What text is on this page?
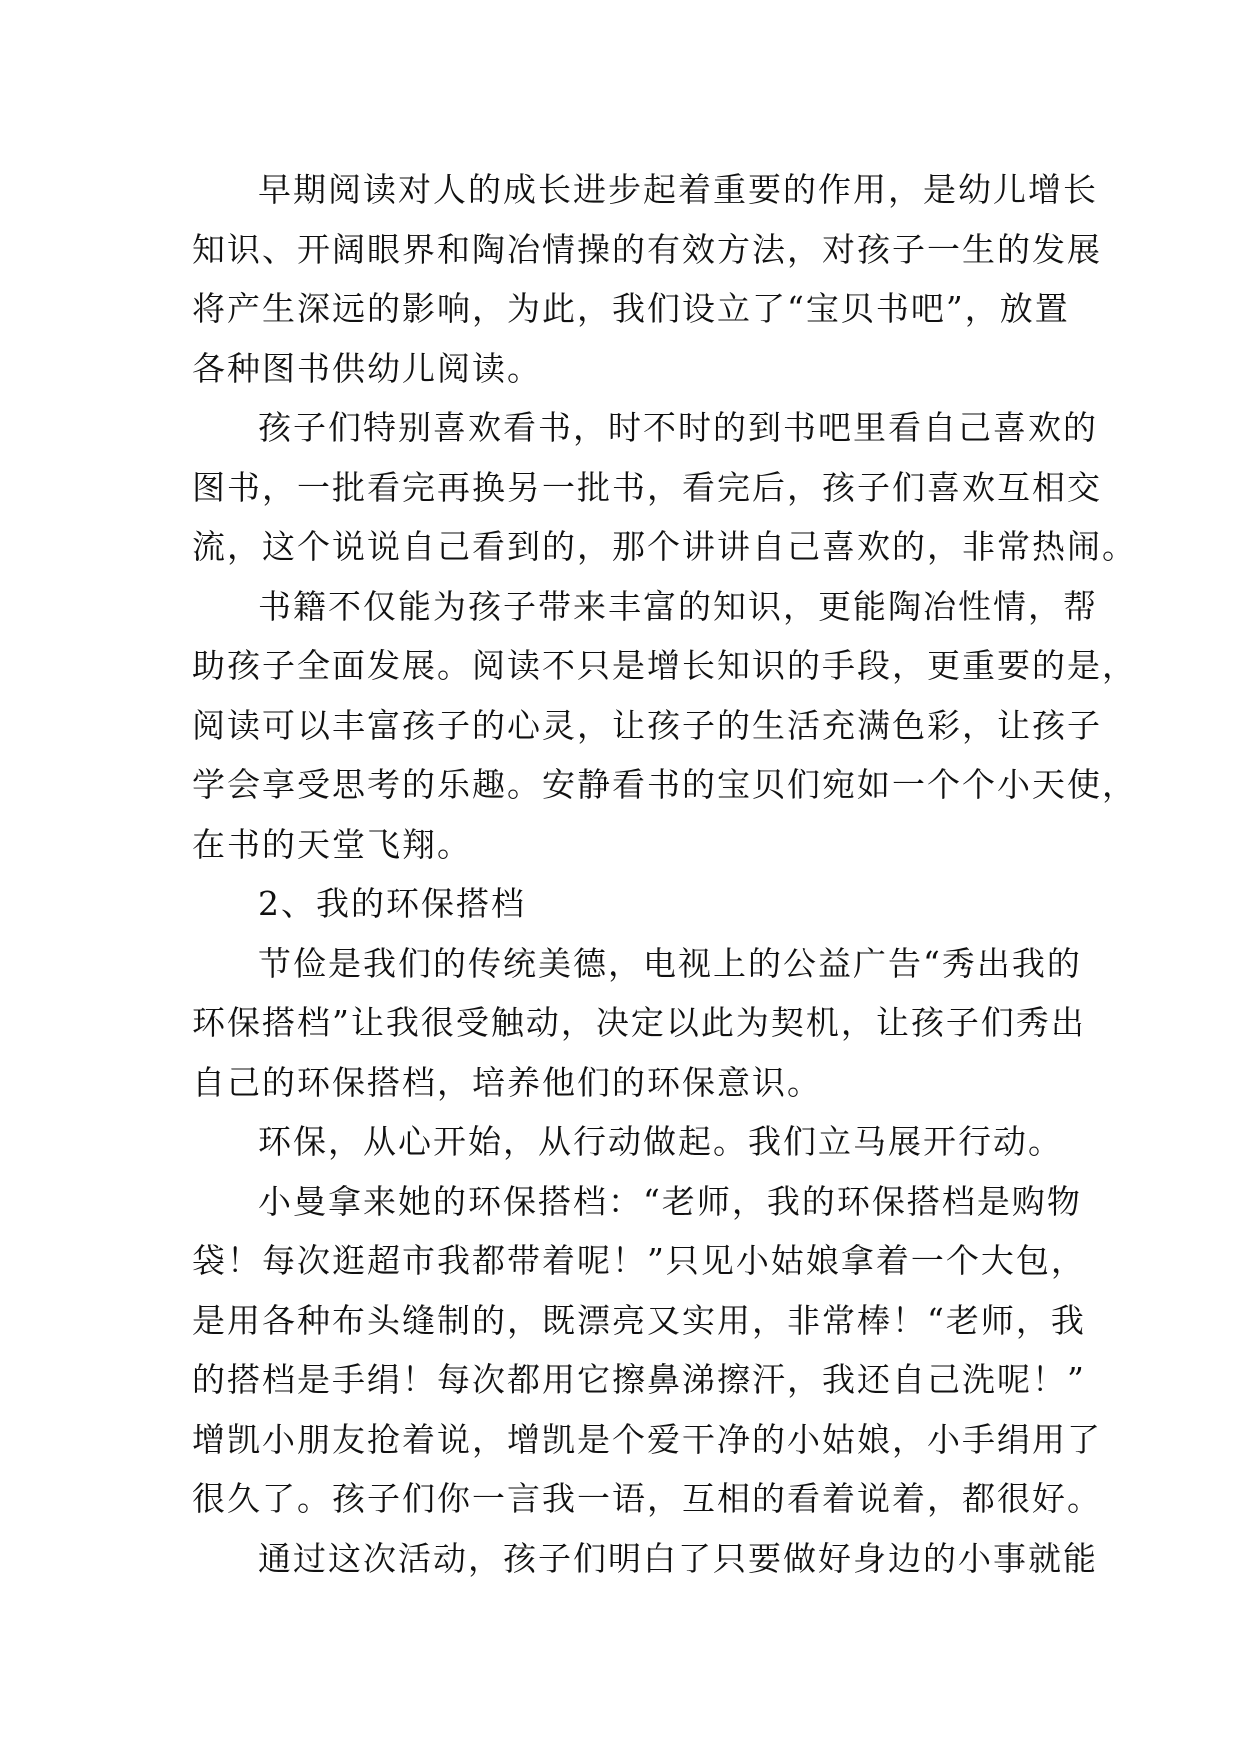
早期阅读对人的成长进步起着重要的作用，是幼儿增长
知识、开阔眼界和陶冶情操的有效方法，对孩子一生的发展
将产生深远的影响，为此，我们设立了“宝贝书吧”，放置
各种图书供幼儿阅读。
孩子们特别喜欢看书，时不时的到书吧里看自己喜欢的
图书，一批看完再换另一批书，看完后，孩子们喜欢互相交
流，这个说说自己看到的，那个讲讲自己喜欢的，非常热闹。
书籍不仅能为孩子带来丰富的知识，更能陶冶性情，帮
助孩子全面发展。阅读不只是增长知识的手段，更重要的是，
阅读可以丰富孩子的心灵，让孩子的生活充满色彩，让孩子
学会享受思考的乐趣。安静看书的宝贝们宛如一个个小天使，
在书的天堂飞翔。
2、我的环保搭档
节俭是我们的传统美德，电视上的公益广告“秀出我的
环保搭档”让我很受触动，决定以此为契机，让孩子们秀出
自己的环保搭档，培养他们的环保意识。
环保，从心开始，从行动做起。我们立马展开行动。
小曼拿来她的环保搭档：“老师，我的环保搭档是购物
袋！每次逛超市我都带着呢！”只见小姑娘拿着一个大包，
是用各种布头缝制的，既漂亮又实用，非常棒！“老师，我
的搭档是手绢！每次都用它擦鼻涕擦汗，我还自己洗呢！”
增凯小朋友抢着说，增凯是个爱干净的小姑娘，小手绢用了
很久了。孩子们你一言我一语，互相的看着说着，都很好。
通过这次活动，孩子们明白了只要做好身边的小事就能
